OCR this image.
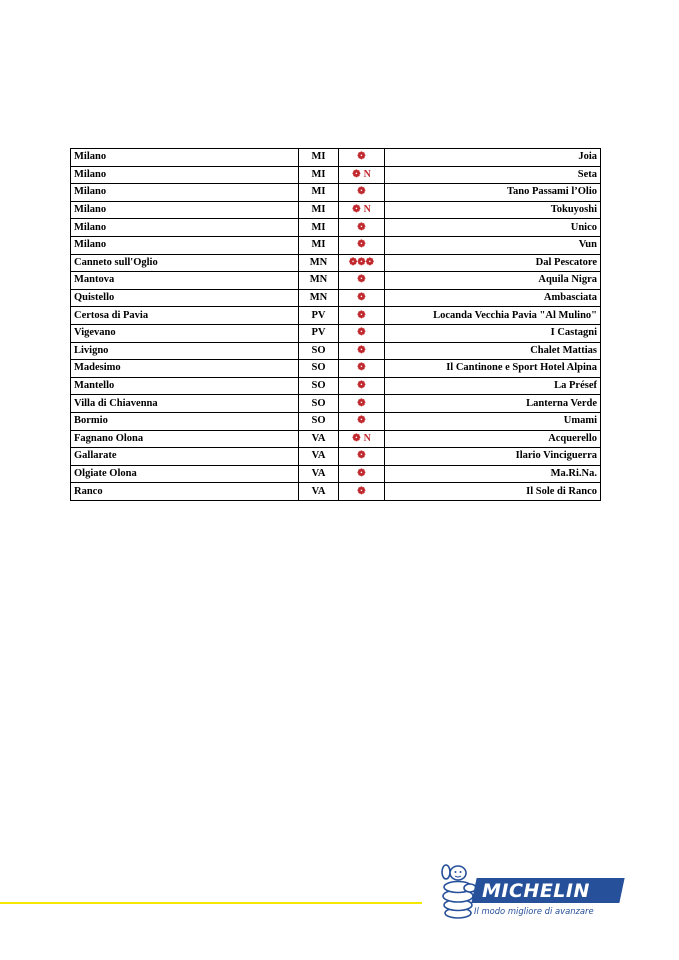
Milano	MI	❁	Joia
Milano	MI	❁ N	Seta
Milano	MI	❁	Tano Passami l’Olio
Milano	MI	❁ N	Tokuyoshi
Milano	MI	❁	Unico
Milano	MI	❁	Vun
Canneto sull'Oglio	MN	❁❁❁	Dal Pescatore
Mantova	MN	❁	Aquila Nigra
Quistello	MN	❁	Ambasciata
Certosa di Pavia	PV	❁	Locanda Vecchia Pavia "Al Mulino"
Vigevano	PV	❁	I Castagni
Livigno	SO	❁	Chalet Mattias
Madesimo	SO	❁	Il Cantinone e Sport Hotel Alpina
Mantello	SO	❁	La Présef
Villa di Chiavenna	SO	❁	Lanterna Verde
Bormio	SO	❁	Umami
Fagnano Olona	VA	❁ N	Acquerello
Gallarate	VA	❁	Ilario Vinciguerra
Olgiate Olona	VA	❁	Ma.Ri.Na.
Ranco	VA	❁	Il Sole di Ranco
MICHELIN
Il modo migliore di avanzare
